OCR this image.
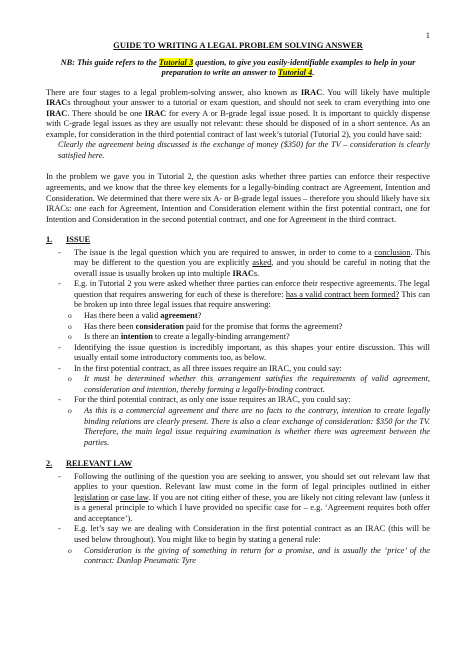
1
GUIDE TO WRITING A LEGAL PROBLEM SOLVING ANSWER
NB: This guide refers to the Tutorial 3 question, to give you easily-identifiable examples to help in your preparation to write an answer to Tutorial 4.

There are four stages to a legal problem-solving answer, also known as IRAC. You will likely have multiple IRACs throughout your answer to a tutorial or exam question, and should not seek to cram everything into one IRAC. There should be one IRAC for every A or B-grade legal issue posed. It is important to quickly dispense with C-grade legal issues as they are usually not relevant: these should be disposed of in a short sentence. As an example, for consideration in the third potential contract of last week’s tutorial (Tutorial 2), you could have said:

Clearly the agreement being discussed is the exchange of money ($350) for the TV – consideration is clearly satisfied here.

In the problem we gave you in Tutorial 2, the question asks whether three parties can enforce their respective agreements, and we know that the three key elements for a legally-binding contract are Agreement, Intention and Consideration. We determined that there were six A- or B-grade legal issues – therefore you should likely have six IRACs: one each for Agreement, Intention and Consideration element within the first potential contract, one for Intention and Consideration in the second potential contract, and one for Agreement in the third contract.

1.	ISSUE
- The issue is the legal question which you are required to answer, in order to come to a conclusion. This may be different to the question you are explicitly asked, and you should be careful in noting that the overall issue is usually broken up into multiple IRACs.
- E.g. in Tutorial 2 you were asked whether three parties can enforce their respective agreements. The legal question that requires answering for each of these is therefore: has a valid contract been formed? This can be broken up into three legal issues that require answering:
o Has there been a valid agreement?
o Has there been consideration paid for the promise that forms the agreement?
o Is there an intention to create a legally-binding arrangement?
- Identifying the issue question is incredibly important, as this shapes your entire discussion. This will usually entail some introductory comments too, as below.
- In the first potential contract, as all three issues require an IRAC, you could say:
o It must be determined whether this arrangement satisfies the requirements of valid agreement, consideration and intention, thereby forming a legally-binding contract.
- For the third potential contract, as only one issue requires an IRAC, you could say:
o As this is a commercial agreement and there are no facts to the contrary, intention to create legally binding relations are clearly present. There is also a clear exchange of consideration: $350 for the TV. Therefore, the main legal issue requiring examination is whether there was agreement between the parties.
2.	RELEVANT LAW
- Following the outlining of the question you are seeking to answer, you should set out relevant law that applies to your question. Relevant law must come in the form of legal principles outlined in either legislation or case law. If you are not citing either of these, you are likely not citing relevant law (unless it is a general principle to which I have provided no specific case for – e.g. ‘Agreement requires both offer and acceptance’).
- E.g. let’s say we are dealing with Consideration in the first potential contract as an IRAC (this will be used below throughout). You might like to begin by stating a general rule:
o Consideration is the giving of something in return for a promise, and is usually the ‘price’ of the contract: Dunlop Pneumatic Tyre
